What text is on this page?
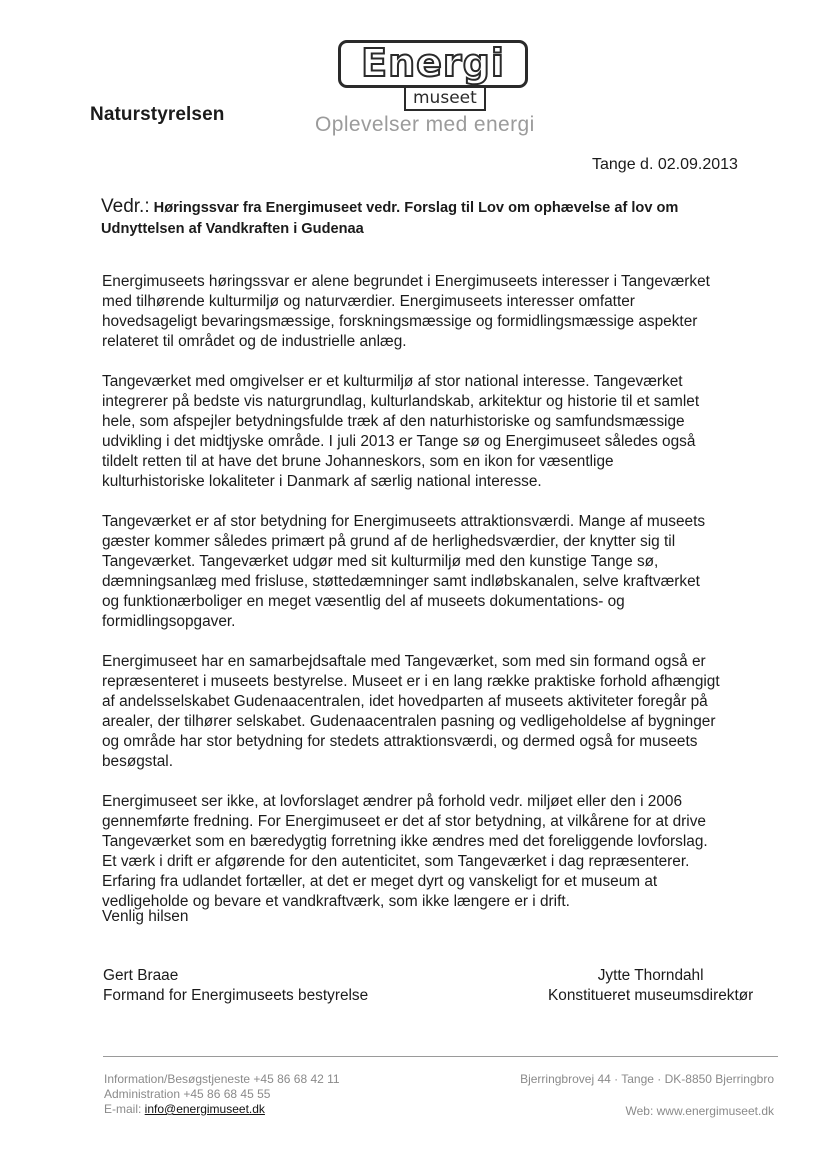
Naturstyrelsen
Energi
museet
Oplevelser med energi
Tange d. 02.09.2013
Vedr.: Høringssvar fra Energimuseet vedr. Forslag til Lov om ophævelse af lov om
Udnyttelsen af Vandkraften i Gudenaa
Energimuseets høringssvar er alene begrundet i Energimuseets interesser i Tangeværket
med tilhørende kulturmiljø og naturværdier. Energimuseets interesser omfatter
hovedsageligt bevaringsmæssige, forskningsmæssige og formidlingsmæssige aspekter
relateret til området og de industrielle anlæg.
Tangeværket med omgivelser er et kulturmiljø af stor national interesse. Tangeværket
integrerer på bedste vis naturgrundlag, kulturlandskab, arkitektur og historie til et samlet
hele, som afspejler betydningsfulde træk af den naturhistoriske og samfundsmæssige
udvikling i det midtjyske område. I juli 2013 er Tange sø og Energimuseet således også
tildelt retten til at have det brune Johanneskors, som en ikon for væsentlige
kulturhistoriske lokaliteter i Danmark af særlig national interesse.
Tangeværket er af stor betydning for Energimuseets attraktionsværdi. Mange af museets
gæster kommer således primært på grund af de herlighedsværdier, der knytter sig til
Tangeværket. Tangeværket udgør med sit kulturmiljø med den kunstige Tange sø,
dæmningsanlæg med frisluse, støttedæmninger samt indløbskanalen, selve kraftværket
og funktionærboliger en meget væsentlig del af museets dokumentations- og
formidlingsopgaver.
Energimuseet har en samarbejdsaftale med Tangeværket, som med sin formand også er
repræsenteret i museets bestyrelse. Museet er i en lang række praktiske forhold afhængigt
af andelsselskabet Gudenaacentralen, idet hovedparten af museets aktiviteter foregår på
arealer, der tilhører selskabet. Gudenaacentralen pasning og vedligeholdelse af bygninger
og område har stor betydning for stedets attraktionsværdi, og dermed også for museets
besøgstal.
Energimuseet ser ikke, at lovforslaget ændrer på forhold vedr. miljøet eller den i 2006
gennemførte fredning. For Energimuseet er det af stor betydning, at vilkårene for at drive
Tangeværket som en bæredygtig forretning ikke ændres med det foreliggende lovforslag.
Et værk i drift er afgørende for den autenticitet, som Tangeværket i dag repræsenterer.
Erfaring fra udlandet fortæller, at det er meget dyrt og vanskeligt for et museum at
vedligeholde og bevare et vandkraftværk, som ikke længere er i drift.
Venlig hilsen
Gert Braae
Formand for Energimuseets bestyrelse
Jytte Thorndahl
Konstitueret museumsdirektør
Information/Besøgstjeneste +45 86 68 42 11
Administration +45 86 68 45 55
E-mail: info@energimuseet.dk
Bjerringbrovej 44 · Tange · DK-8850 Bjerringbro
Web: www.energimuseet.dk
